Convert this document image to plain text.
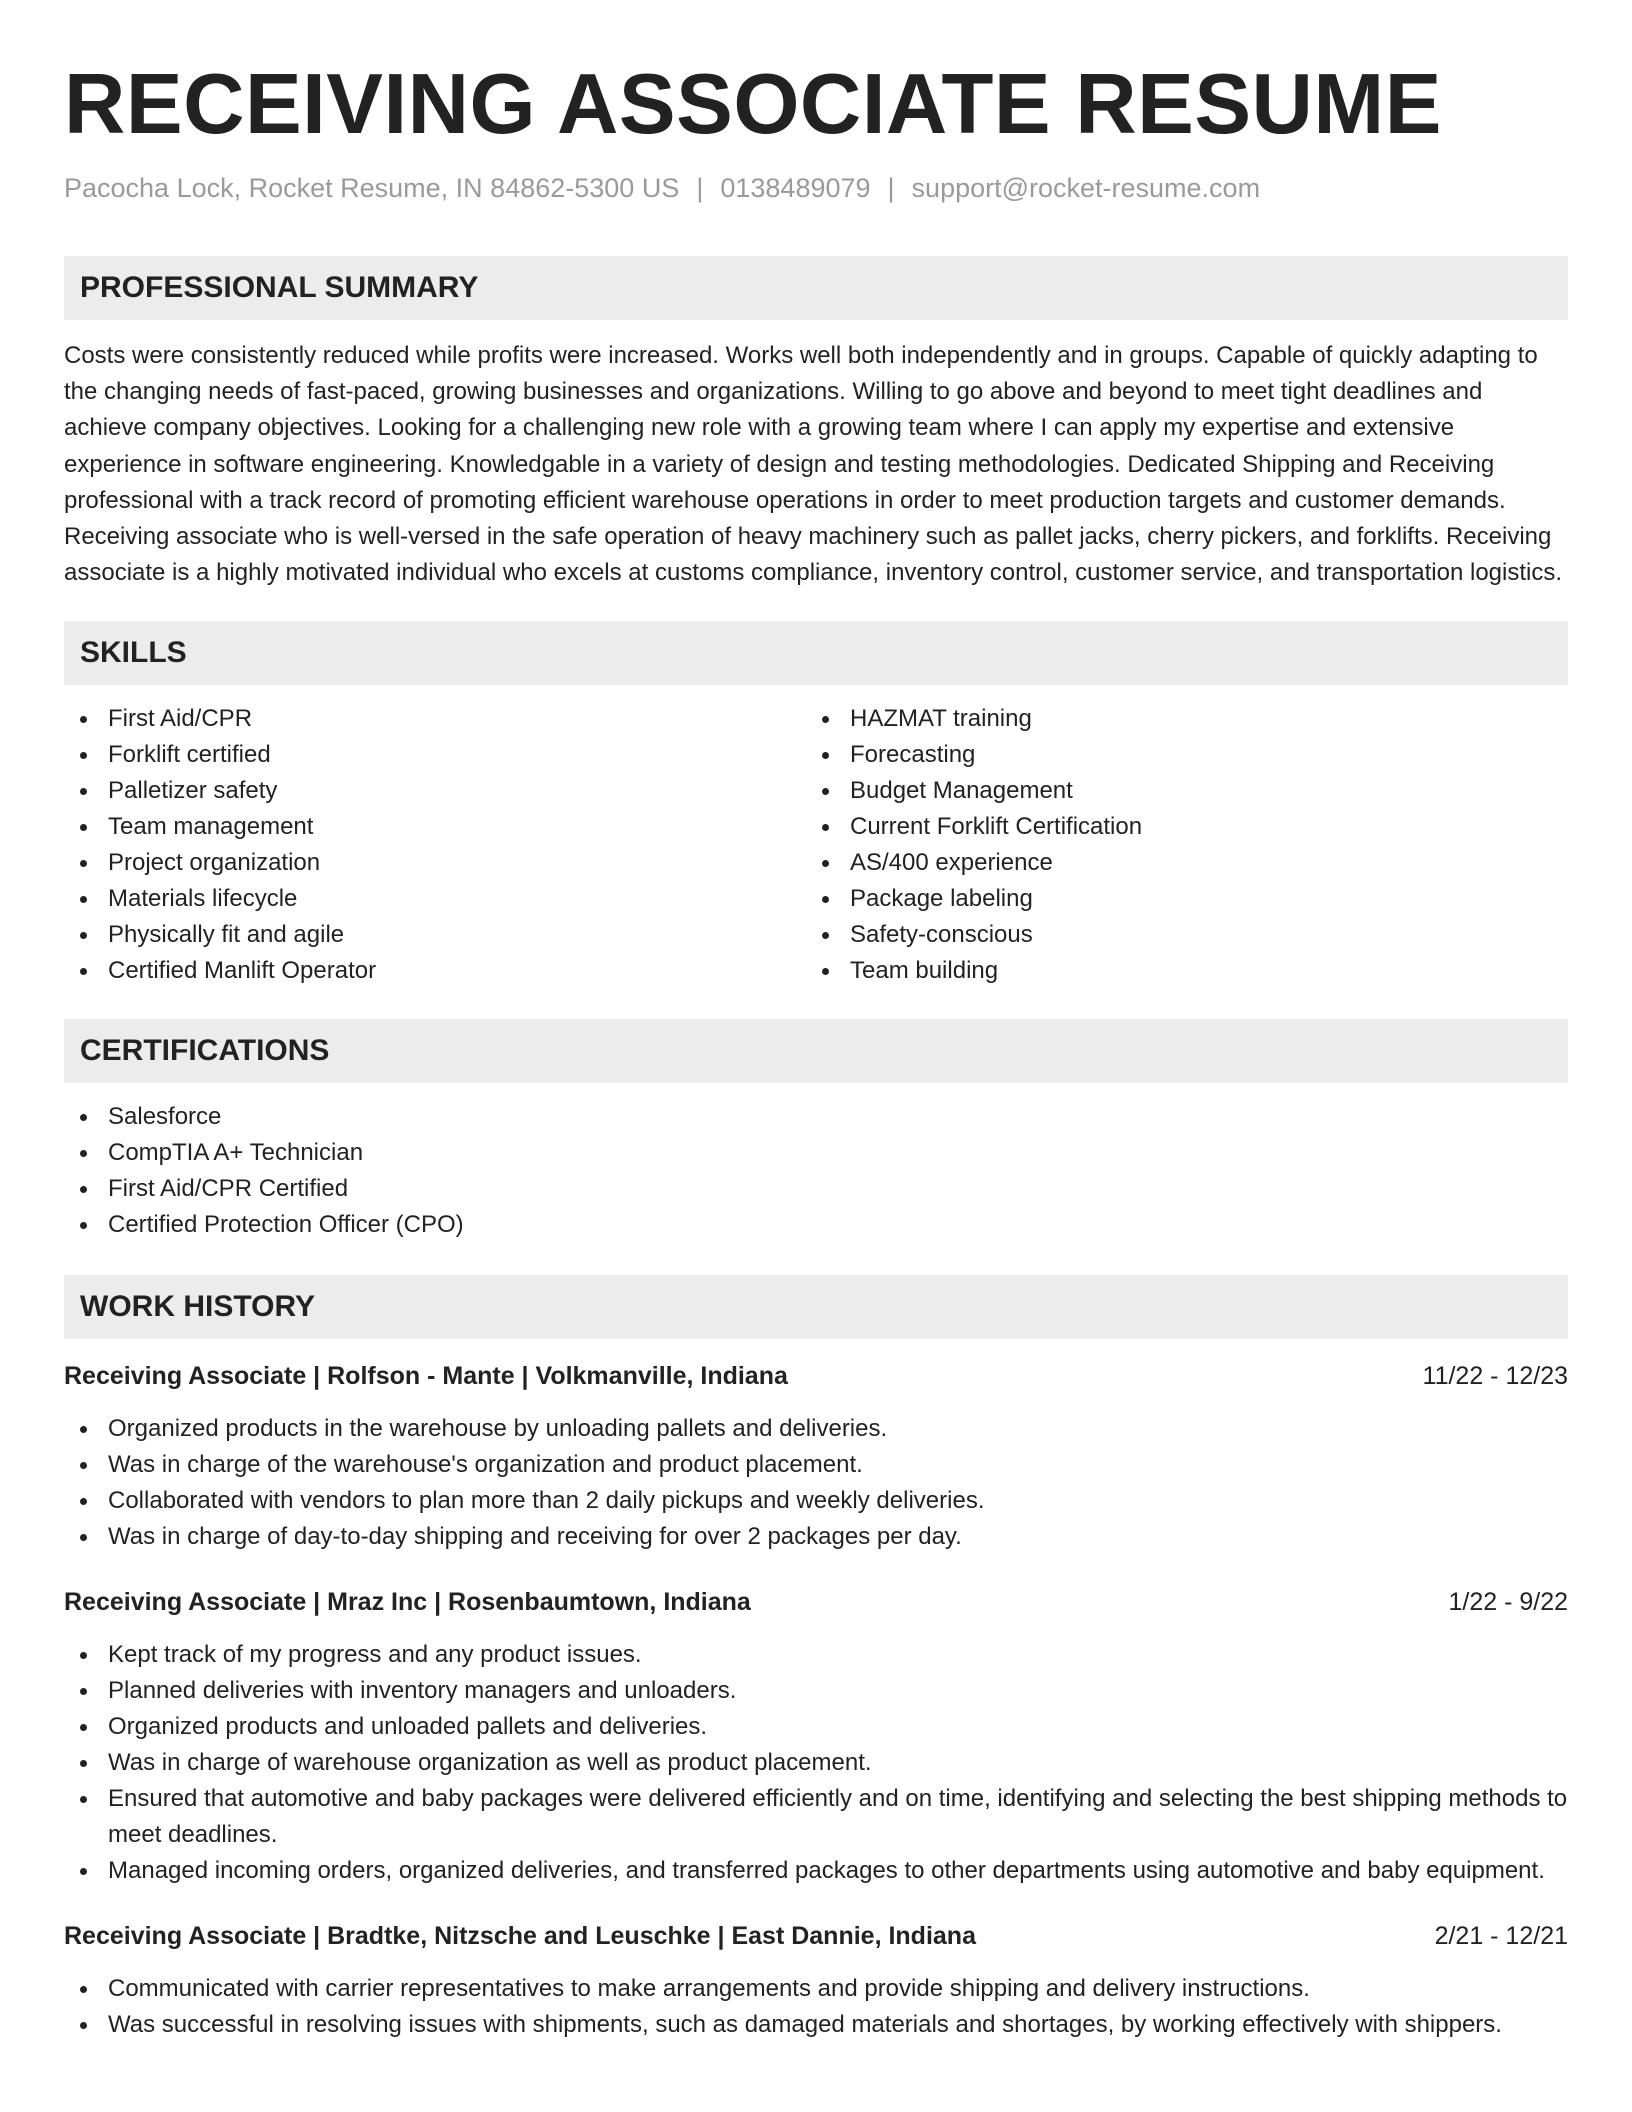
RECEIVING ASSOCIATE RESUME
Pacocha Lock, Rocket Resume, IN 84862-5300 US | 0138489079 | support@rocket-resume.com
PROFESSIONAL SUMMARY

Costs were consistently reduced while profits were increased. Works well both independently and in groups. Capable of quickly adapting to the changing needs of fast-paced, growing businesses and organizations. Willing to go above and beyond to meet tight deadlines and achieve company objectives. Looking for a challenging new role with a growing team where I can apply my expertise and extensive experience in software engineering. Knowledgable in a variety of design and testing methodologies. Dedicated Shipping and Receiving professional with a track record of promoting efficient warehouse operations in order to meet production targets and customer demands. Receiving associate who is well-versed in the safe operation of heavy machinery such as pallet jacks, cherry pickers, and forklifts. Receiving associate is a highly motivated individual who excels at customs compliance, inventory control, customer service, and transportation logistics.

SKILLS
First Aid/CPR
Forklift certified
Palletizer safety
Team management
Project organization
Materials lifecycle
Physically fit and agile
Certified Manlift Operator
HAZMAT training
Forecasting
Budget Management
Current Forklift Certification
AS/400 experience
Package labeling
Safety-conscious
Team building
CERTIFICATIONS
Salesforce
CompTIA A+ Technician
First Aid/CPR Certified
Certified Protection Officer (CPO)
WORK HISTORY
Receiving Associate | Rolfson - Mante | Volkmanville, Indiana	11/22 - 12/23
Organized products in the warehouse by unloading pallets and deliveries.
Was in charge of the warehouse's organization and product placement.
Collaborated with vendors to plan more than 2 daily pickups and weekly deliveries.
Was in charge of day-to-day shipping and receiving for over 2 packages per day.
Receiving Associate | Mraz Inc | Rosenbaumtown, Indiana	1/22 - 9/22
Kept track of my progress and any product issues.
Planned deliveries with inventory managers and unloaders.
Organized products and unloaded pallets and deliveries.
Was in charge of warehouse organization as well as product placement.
Ensured that automotive and baby packages were delivered efficiently and on time, identifying and selecting the best shipping methods to meet deadlines.
Managed incoming orders, organized deliveries, and transferred packages to other departments using automotive and baby equipment.
Receiving Associate | Bradtke, Nitzsche and Leuschke | East Dannie, Indiana	2/21 - 12/21
Communicated with carrier representatives to make arrangements and provide shipping and delivery instructions.
Was successful in resolving issues with shipments, such as damaged materials and shortages, by working effectively with shippers.
